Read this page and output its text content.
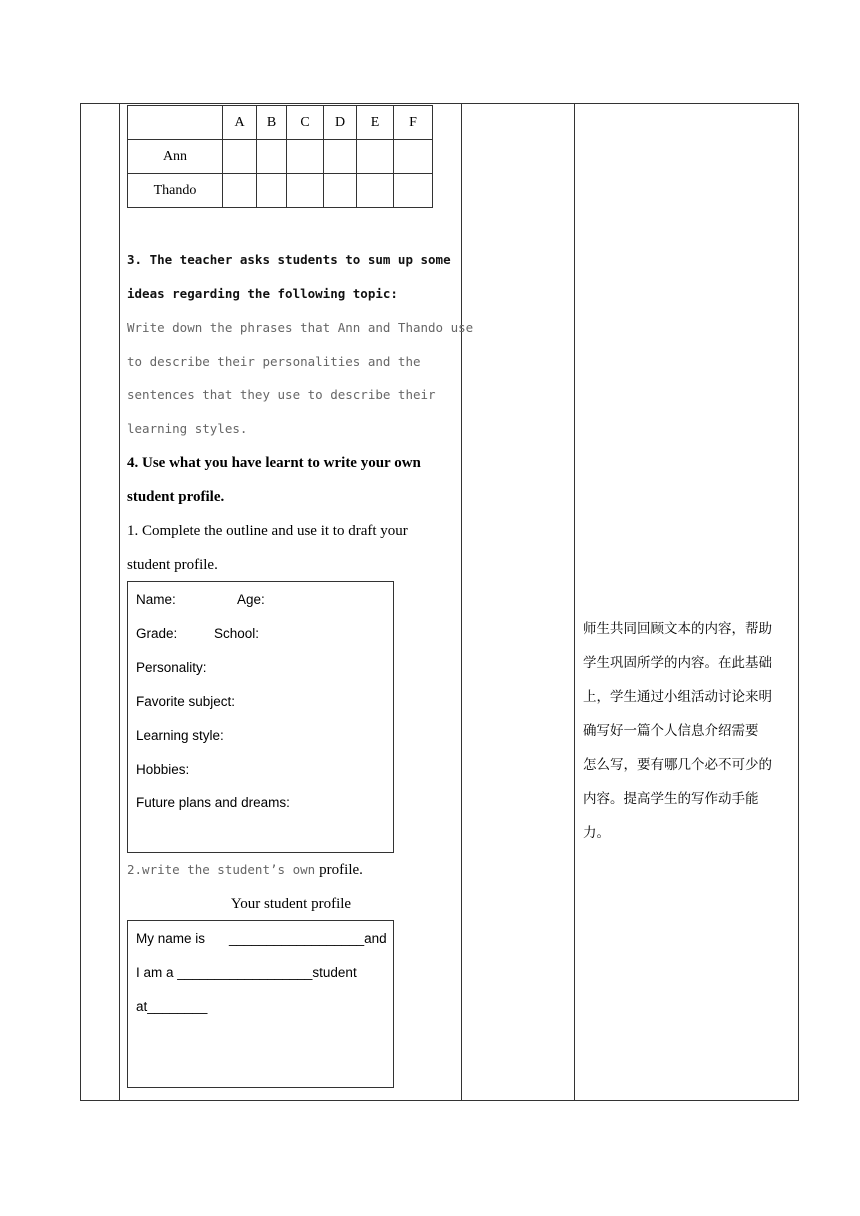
	A	B	C	D	E	F
Ann						
Thando						
3. The teacher asks students to sum up some
ideas regarding the following topic:
Write down the phrases that Ann and Thando use
to describe their personalities and the
sentences that they use to describe their
learning styles.
4. Use what you have learnt to write your own
student profile.
1. Complete the outline and use it to draft your
student profile.
Name:	Age:
Grade:	School:
Personality:
Favorite subject:
Learning style:
Hobbies:
Future plans and dreams:
2.write the student’s own profile.
Your student profile
My name is __________________and
I am a __________________student
at________
师生共同回顾文本的内容，帮助
学生巩固所学的内容。在此基础
上，学生通过小组活动讨论来明
确写好一篇个人信息介绍需要
怎么写，要有哪几个必不可少的
内容。提高学生的写作动手能
力。
